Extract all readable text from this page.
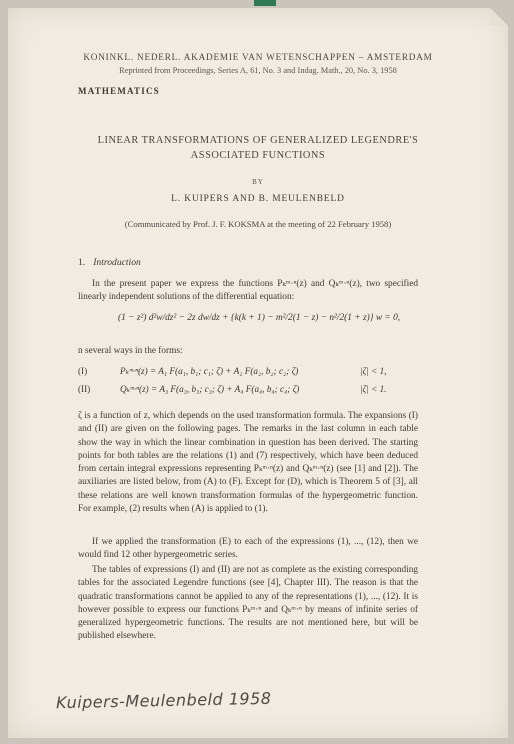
KONINKL. NEDERL. AKADEMIE VAN WETENSCHAPPEN – AMSTERDAM
Reprinted from Proceedings, Series A, 61, No. 3 and Indag. Math., 20, No. 3, 1958
MATHEMATICS
LINEAR TRANSFORMATIONS OF GENERALIZED LEGENDRE'S
ASSOCIATED FUNCTIONS
BY
L. KUIPERS AND B. MEULENBELD
(Communicated by Prof. J. F. KOKSMA at the meeting of 22 February 1958)
1. Introduction
In the present paper we express the functions Pₖᵐ·ⁿ(z) and Qₖᵐ·ⁿ(z), two specified linearly independent solutions of the differential equation:
(1 − z²) d²w/dz² − 2z dw/dz + {k(k + 1) − m²/2(1 − z) − n²/2(1 + z)} w = 0,
n several ways in the forms:
(I)	Pₖᵐ·ⁿ(z) = A₁ F(a₁, b₁; c₁; ζ) + A₂ F(a₂, b₂; c₂; ζ)	|ζ| < 1,
(II)	Qₖᵐ·ⁿ(z) = A₃ F(a₃, b₃; c₃; ζ) + A₄ F(a₄, b₄; c₄; ζ)	|ζ| < 1.
ζ is a function of z, which depends on the used transformation formula. The expansions (I) and (II) are given on the following pages. The remarks in the last column in each table show the way in which the linear combination in question has been derived. The starting points for both tables are the relations (1) and (7) respectively, which have been deduced from certain integral expressions representing Pₖᵐ·ⁿ(z) and Qₖᵐ·ⁿ(z) (see [1] and [2]). The auxiliaries are listed below, from (A) to (F). Except for (D), which is Theorem 5 of [3], all these relations are well known transformation formulas of the hypergeometric function. For example, (2) results when (A) is applied to (1).
If we applied the transformation (E) to each of the expressions (1), ..., (12), then we would find 12 other hypergeometric series.
The tables of expressions (I) and (II) are not as complete as the existing corresponding tables for the associated Legendre functions (see [4], Chapter III). The reason is that the quadratic transformations cannot be applied to any of the representations (1), ..., (12). It is however possible to express our functions Pₖᵐ·ⁿ and Qₖᵐ·ⁿ by means of infinite series of generalized hypergeometric functions. The results are not mentioned here, but will be published elsewhere.
Kuipers-Meulenbeld 1958
